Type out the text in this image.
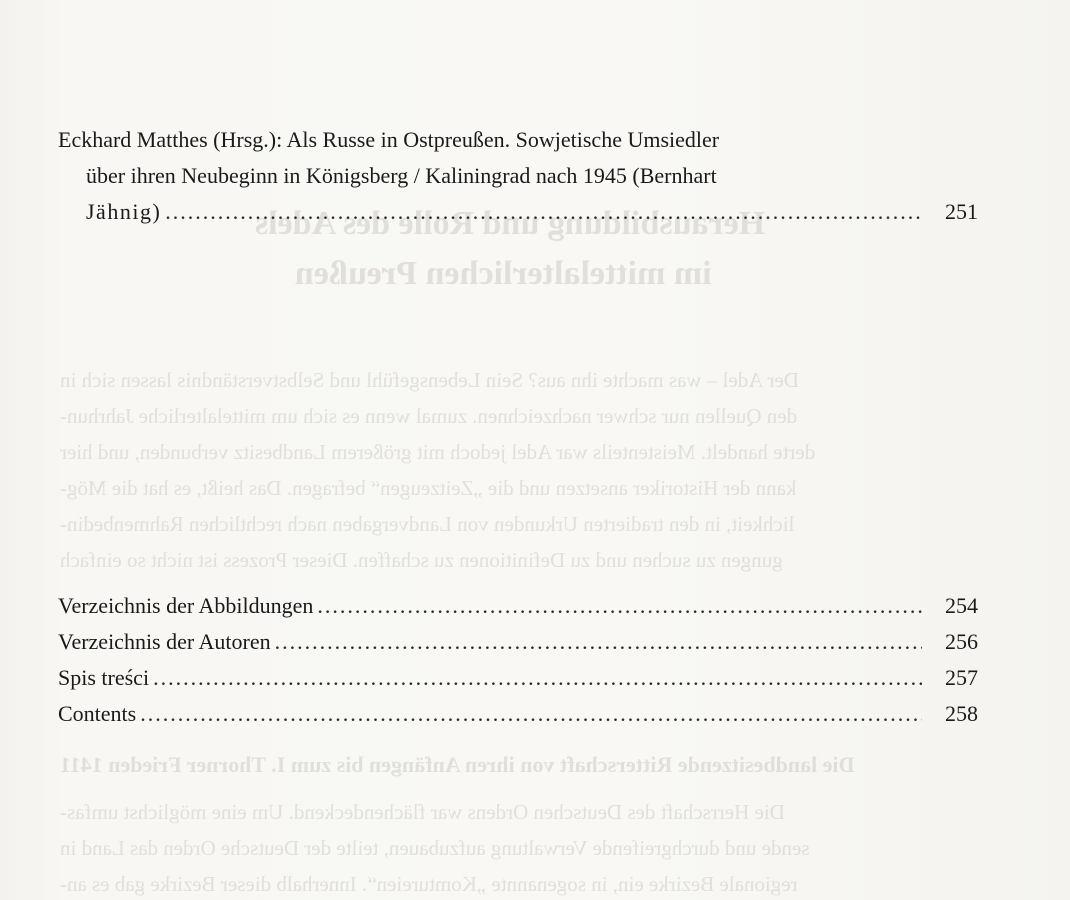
Herausbildung und Rolle des Adels
im mittelalterlichen Preußen
Der Adel – was machte ihn aus? Sein Lebensgefühl und Selbstverständnis lassen sich in
den Quellen nur schwer nachzeichnen. zumal wenn es sich um mittelalterliche Jahrhun-
derte handelt. Meistenteils war Adel jedoch mit größerem Landbesitz verbunden, und hier
kann der Historiker ansetzen und die „Zeitzeugen“ befragen. Das heißt, es hat die Mög-
lichkeit, in den tradierten Urkunden von Landvergaben nach rechtlichen Rahmenbedin-
gungen zu suchen und zu Definitionen zu schaffen. Dieser Prozess ist nicht so einfach
Die landbesitzende Ritterschaft von ihren Anfängen bis zum I. Thorner Frieden 1411
Die Herrschaft des Deutschen Ordens war flächendeckend. Um eine möglichst umfas-
sende und durchgreifende Verwaltung aufzubauen, teilte der Deutsche Orden das Land in
regionale Bezirke ein, in sogenannte „Komtureien“. Innerhalb dieser Bezirke gab es an-
Eckhard Matthes (Hrsg.): Als Russe in Ostpreußen. Sowjetische Umsiedler
über ihren Neubeginn in Königsberg / Kaliningrad nach 1945 (Bernhart
Jähnig) .....	251
Verzeichnis der Abbildungen .....	254
Verzeichnis der Autoren .....	256
Spis treści .....	257
Contents .....	258
